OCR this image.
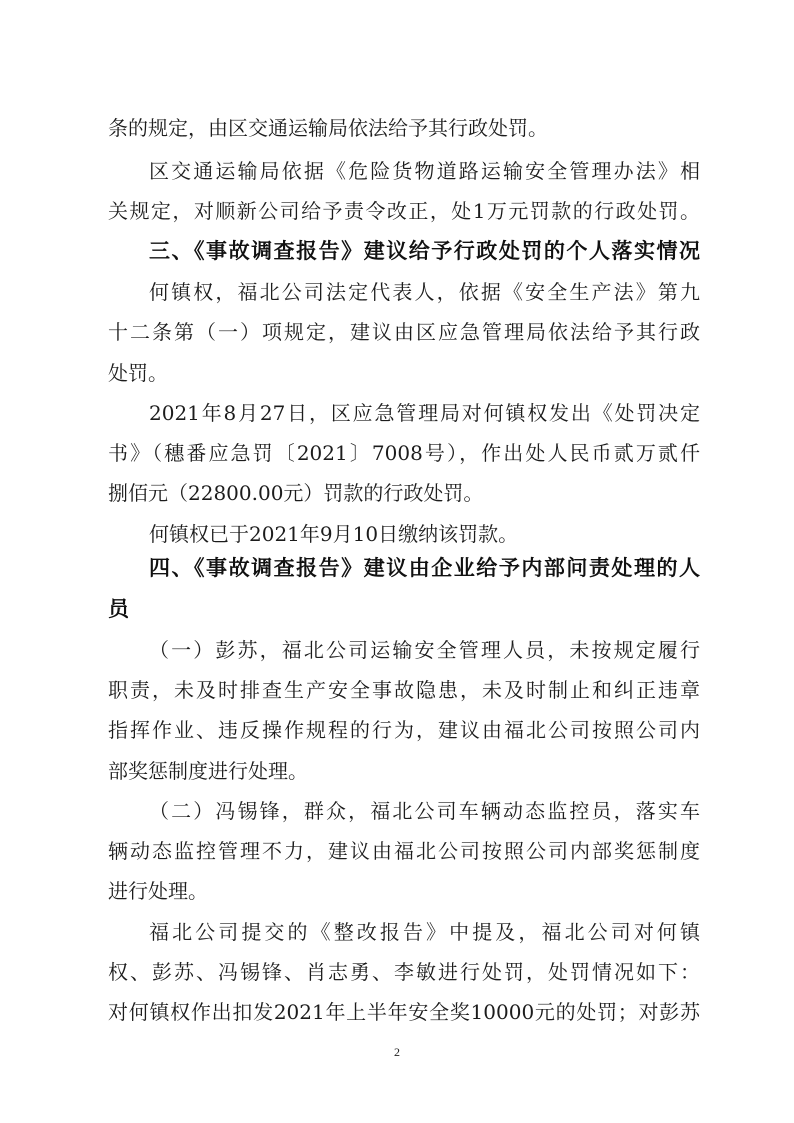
条的规定，由区交通运输局依法给予其行政处罚。
区交通运输局依据《危险货物道路运输安全管理办法》相
关规定，对顺新公司给予责令改正，处1万元罚款的行政处罚。
三、《事故调查报告》建议给予行政处罚的个人落实情况
何镇权，福北公司法定代表人，依据《安全生产法》第九
十二条第（一）项规定，建议由区应急管理局依法给予其行政
处罚。
2021年8月27日，区应急管理局对何镇权发出《处罚决定
书》（穗番应急罚〔2021〕7008号），作出处人民币贰万贰仟
捌佰元（22800.00元）罚款的行政处罚。
何镇权已于2021年9月10日缴纳该罚款。
四、《事故调查报告》建议由企业给予内部问责处理的人
员
（一）彭苏，福北公司运输安全管理人员，未按规定履行
职责，未及时排查生产安全事故隐患，未及时制止和纠正违章
指挥作业、违反操作规程的行为，建议由福北公司按照公司内
部奖惩制度进行处理。
（二）冯锡锋，群众，福北公司车辆动态监控员，落实车
辆动态监控管理不力，建议由福北公司按照公司内部奖惩制度
进行处理。
福北公司提交的《整改报告》中提及，福北公司对何镇
权、彭苏、冯锡锋、肖志勇、李敏进行处罚，处罚情况如下：
对何镇权作出扣发2021年上半年安全奖10000元的处罚；对彭苏
2
